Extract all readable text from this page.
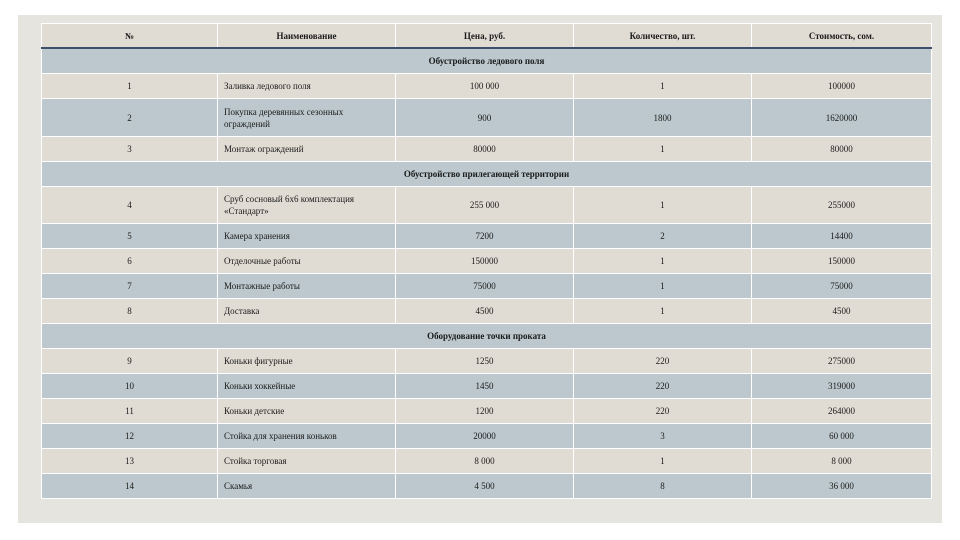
№	Наименование	Цена, руб.	Количество, шт.	Стоимость, сом.
Обустройство ледового поля				
1	Заливка ледового поля	100 000	1	100000
2	Покупка деревянных сезонных ограждений	900	1800	1620000
3	Монтаж ограждений	80000	1	80000
Обустройство прилегающей территории				
4	Сруб сосновый 6x6 комплектация «Стандарт»	255 000	1	255000
5	Камера хранения	7200	2	14400
6	Отделочные работы	150000	1	150000
7	Монтажные работы	75000	1	75000
8	Доставка	4500	1	4500
Оборудование точки проката				
9	Коньки фигурные	1250	220	275000
10	Коньки хоккейные	1450	220	319000
11	Коньки детские	1200	220	264000
12	Стойка для хранения коньков	20000	3	60 000
13	Стойка торговая	8 000	1	8 000
14	Скамья	4 500	8	36 000
